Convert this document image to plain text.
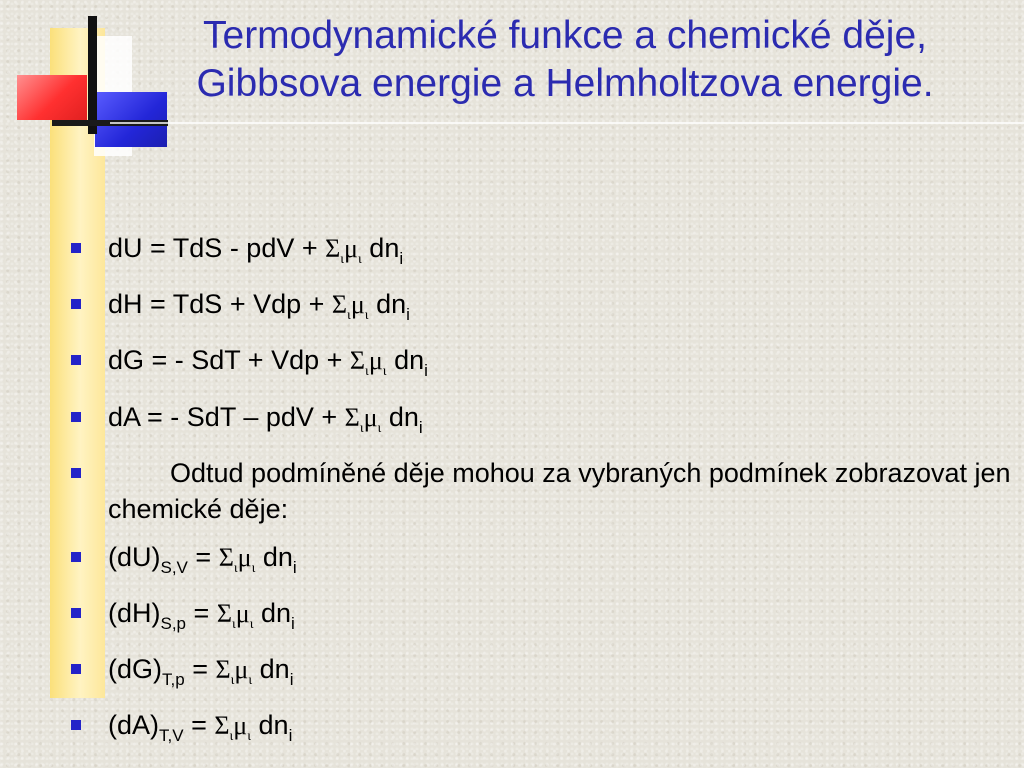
Termodynamické funkce a chemické děje,
Gibbsova energie a Helmholtzova energie.
dU = TdS - pdV + $\Sigma_\iota\mu_\iota$ $dn_i$
dH = TdS + Vdp + $\Sigma_\iota\mu_\iota$ $dn_i$
dG = - SdT + Vdp + $\Sigma_\iota\mu_\iota$ $dn_i$
dA = - SdT – pdV + $\Sigma_\iota\mu_\iota$ $dn_i$
Odtud podmíněné děje mohou za vybraných podmínek zobrazovat jen chemické děje:
$(dU)_{S,V} = \Sigma_\iota\mu_\iota$ $dn_i$
$(dH)_{S,p} = \Sigma_\iota\mu_\iota$ $dn_i$
$(dG)_{T,p} = \Sigma_\iota\mu_\iota$ $dn_i$
$(dA)_{T,V} = \Sigma_\iota\mu_\iota$ $dn_i$
